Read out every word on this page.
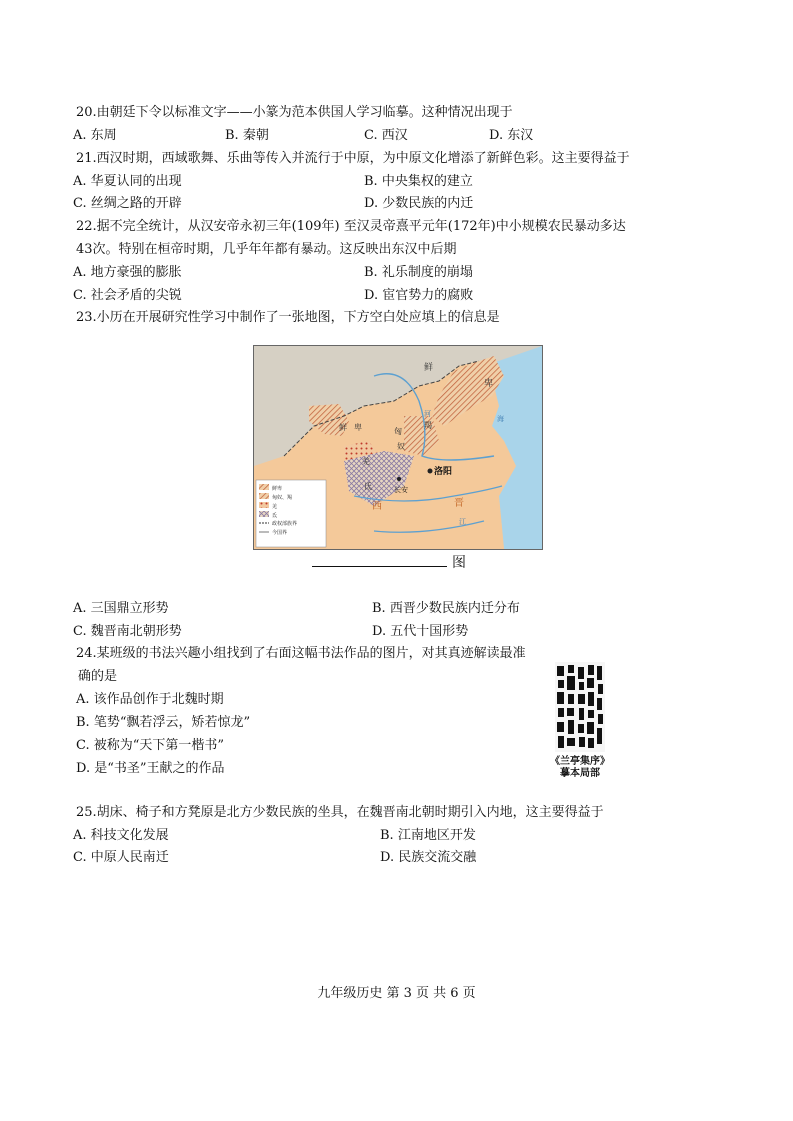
20.由朝廷下令以标准文字——小篆为范本供国人学习临摹。这种情况出现于
A. 东周	B. 秦朝	C. 西汉	D. 东汉
21.西汉时期，西域歌舞、乐曲等传入并流行于中原，为中原文化增添了新鲜色彩。这主要得益于
A. 华夏认同的出现	B. 中央集权的建立
C. 丝绸之路的开辟	D. 少数民族的内迁
22.据不完全统计，从汉安帝永初三年(109年) 至汉灵帝熹平元年(172年)中小规模农民暴动多达
43次。特别在桓帝时期，几乎年年都有暴动。这反映出东汉中后期
A. 地方豪强的膨胀	B. 礼乐制度的崩塌
C. 社会矛盾的尖锐	D. 宦官势力的腐败
23.小历在开展研究性学习中制作了一张地图，下方空白处应填上的信息是
鲜
卑
鲜 卑	匈
奴
羯
羌
氐
洛阳
长安
西	晋
河
海
江
鲜卑
匈奴、羯
羌
氐
政权部族界
今国界
图
A. 三国鼎立形势	B. 西晋少数民族内迁分布
C. 魏晋南北朝形势	D. 五代十国形势
24.某班级的书法兴趣小组找到了右面这幅书法作品的图片，对其真迹解读最准
确的是
A. 该作品创作于北魏时期
B. 笔势“飘若浮云，矫若惊龙”
C. 被称为“天下第一楷书”
D. 是“书圣”王献之的作品	《兰亭集序》
摹本局部
25.胡床、椅子和方凳原是北方少数民族的坐具，在魏晋南北朝时期引入内地，这主要得益于
A. 科技文化发展	B. 江南地区开发
C. 中原人民南迁	D. 民族交流交融
九年级历史 第 3 页 共 6 页
